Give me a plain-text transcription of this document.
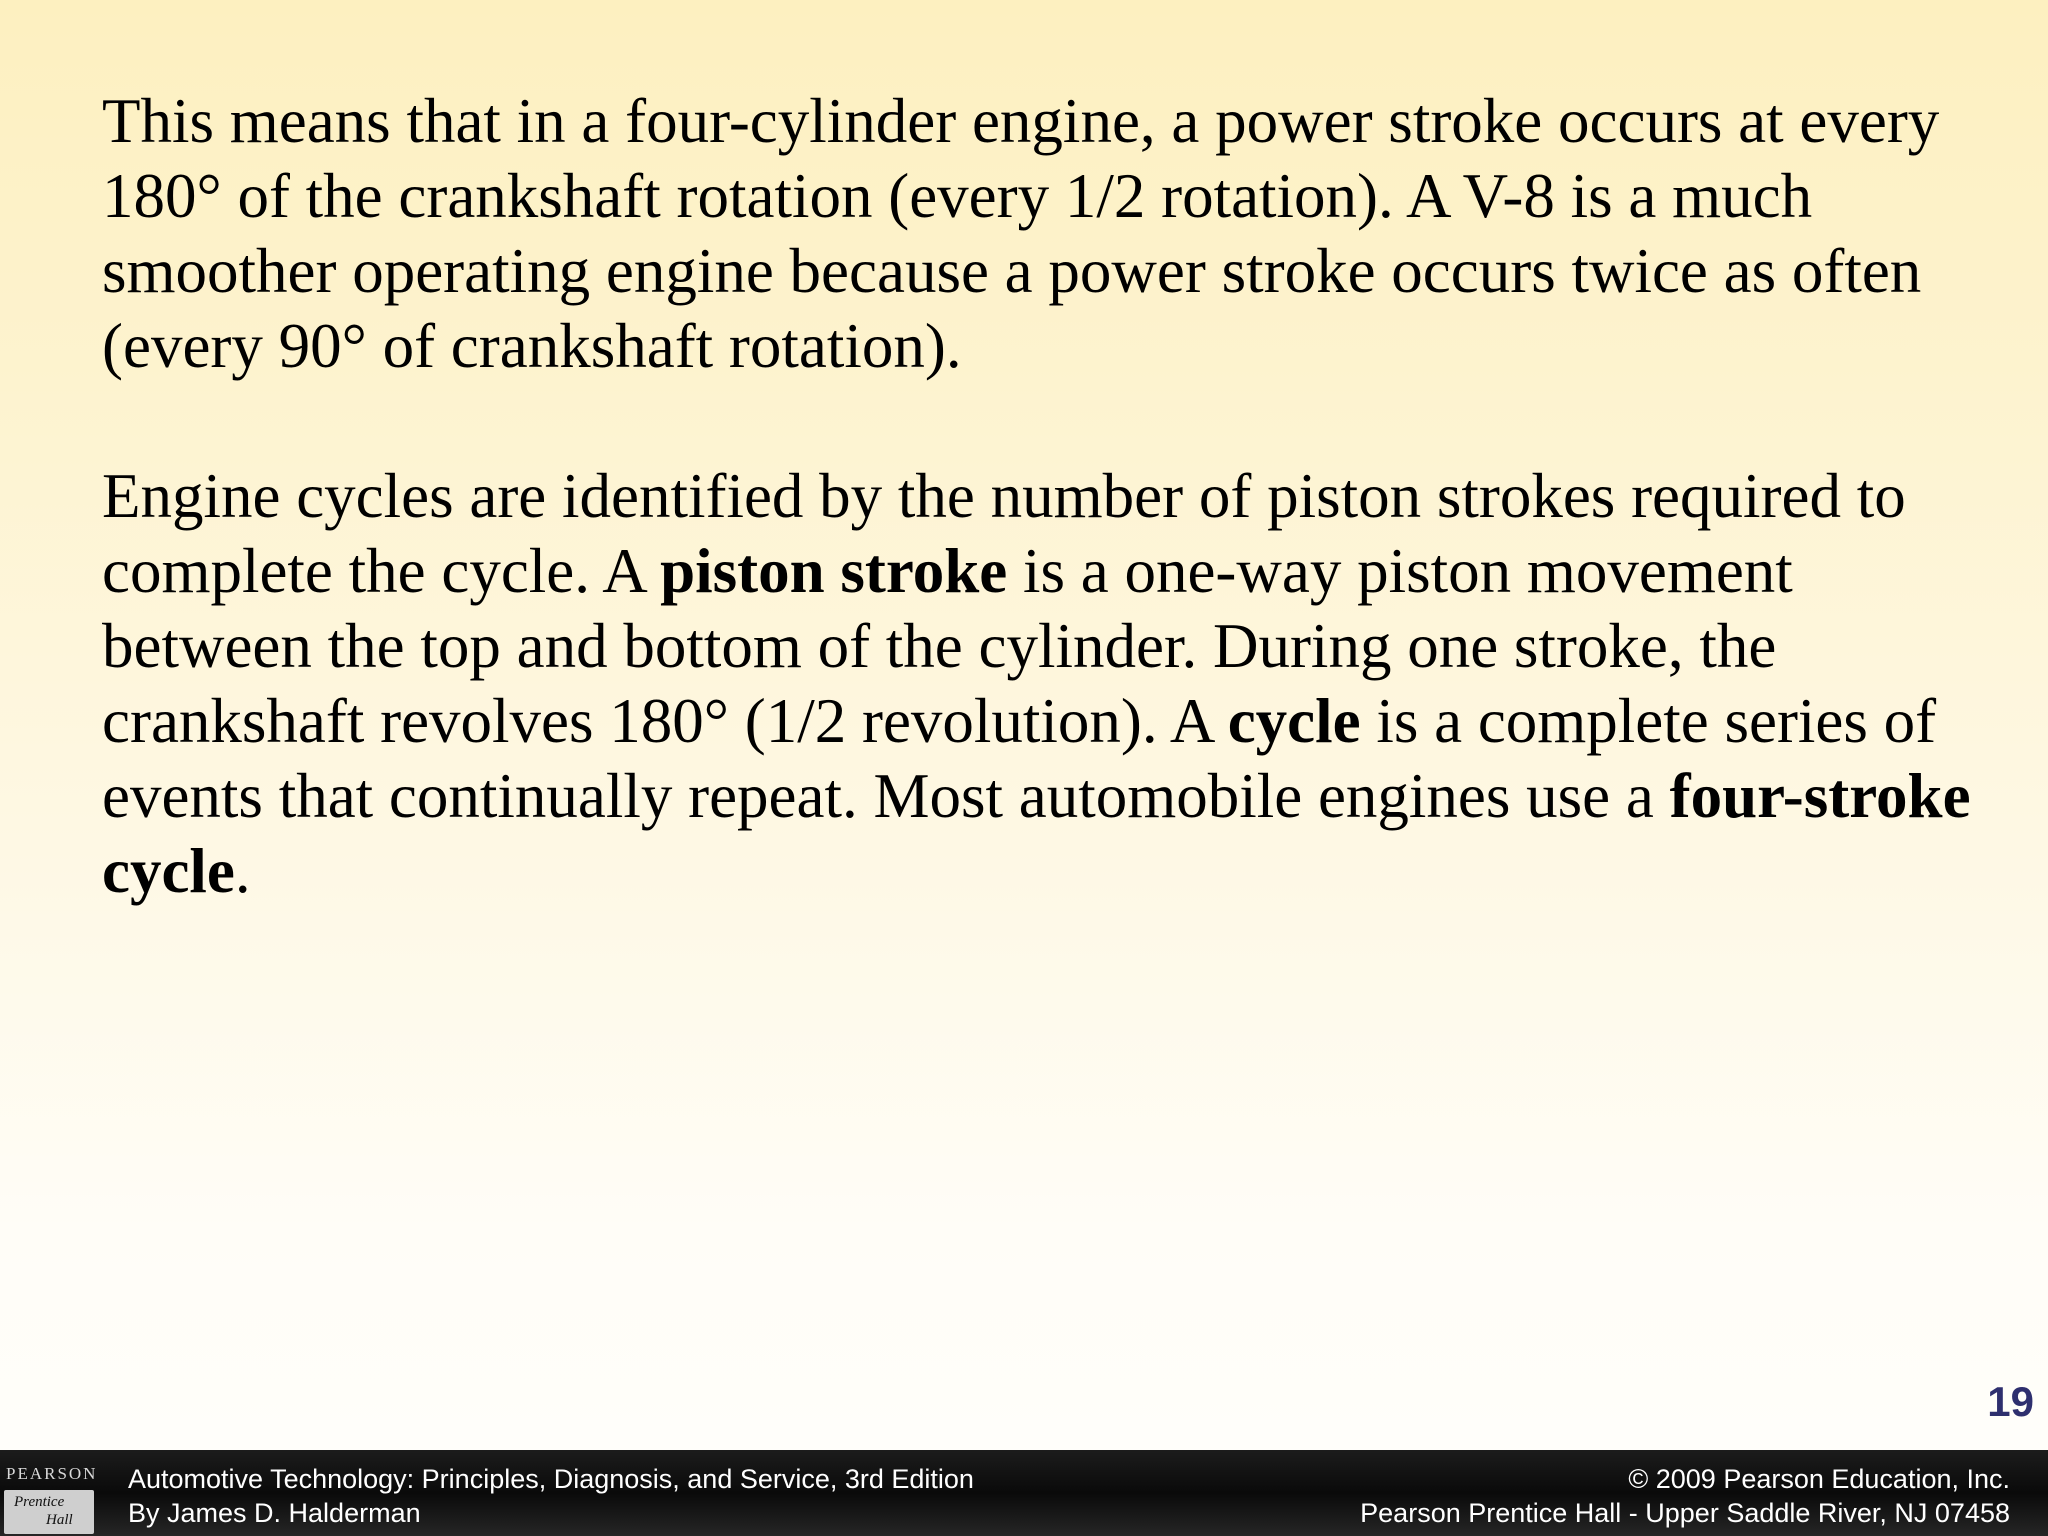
This means that in a four-cylinder engine, a power stroke occurs at every 180° of the crankshaft rotation (every 1/2 rotation). A V-8 is a much smoother operating engine because a power stroke occurs twice as often (every 90° of crankshaft rotation).

Engine cycles are identified by the number of piston strokes required to complete the cycle. A piston stroke is a one-way piston movement between the top and bottom of the cylinder. During one stroke, the crankshaft revolves 180° (1/2 revolution). A cycle is a complete series of events that continually repeat. Most automobile engines use a four-stroke cycle.

19
PEARSON
Prentice
Hall
Automotive Technology: Principles, Diagnosis, and Service, 3rd Edition
By James D. Halderman
© 2009 Pearson Education, Inc.
Pearson Prentice Hall - Upper Saddle River, NJ 07458
